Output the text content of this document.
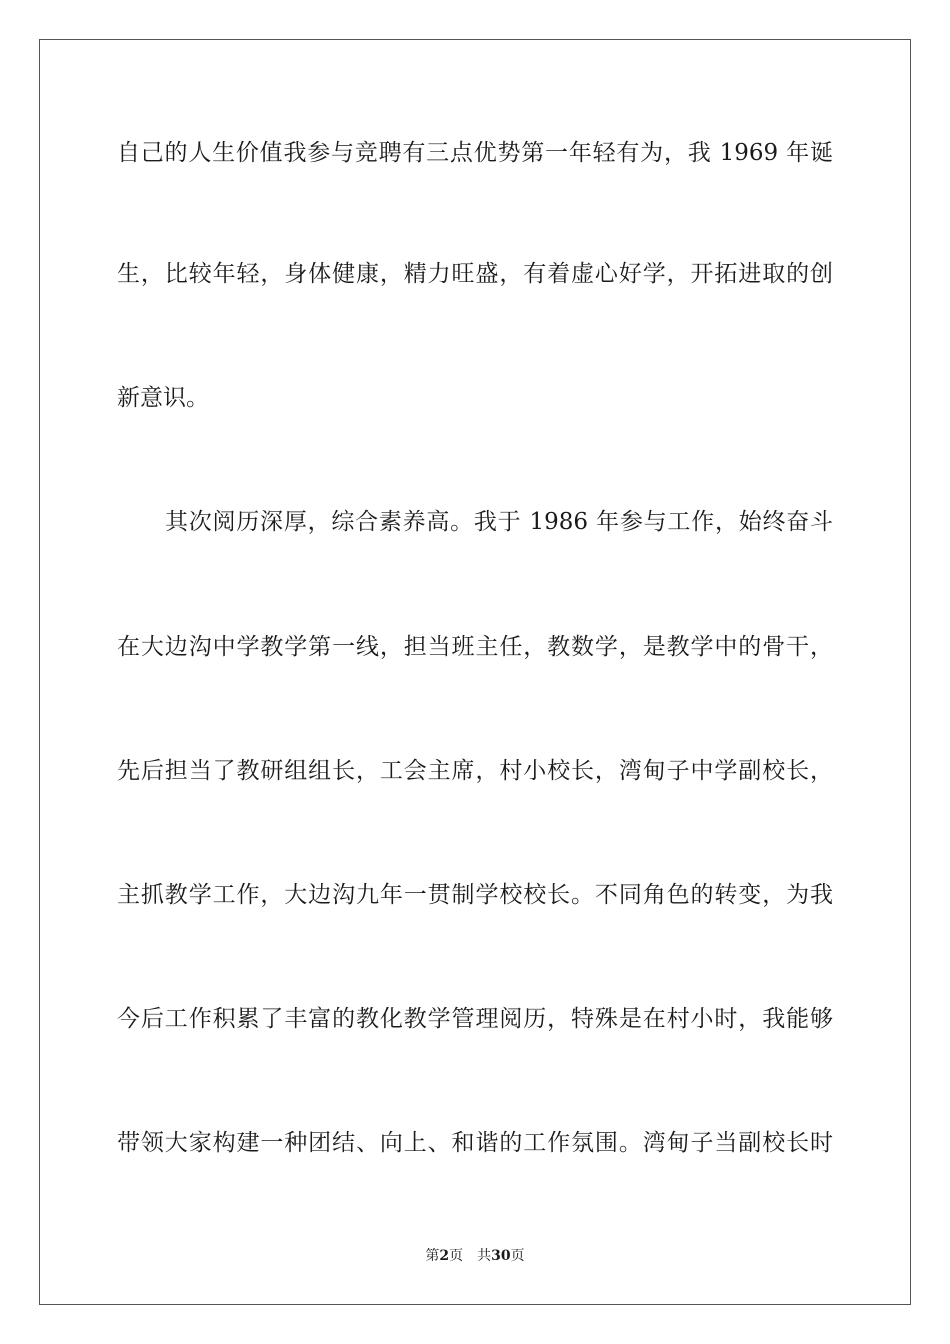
自己的人生价值我参与竞聘有三点优势第一年轻有为，我 1969 年诞
生，比较年轻，身体健康，精力旺盛，有着虚心好学，开拓进取的创
新意识。
其次阅历深厚，综合素养高。我于 1986 年参与工作，始终奋斗
在大边沟中学教学第一线，担当班主任，教数学，是教学中的骨干，
先后担当了教研组组长，工会主席，村小校长，湾甸子中学副校长，
主抓教学工作，大边沟九年一贯制学校校长。不同角色的转变，为我
今后工作积累了丰富的教化教学管理阅历，特殊是在村小时，我能够
带领大家构建一种团结、向上、和谐的工作氛围。湾甸子当副校长时
第2页 共30页
